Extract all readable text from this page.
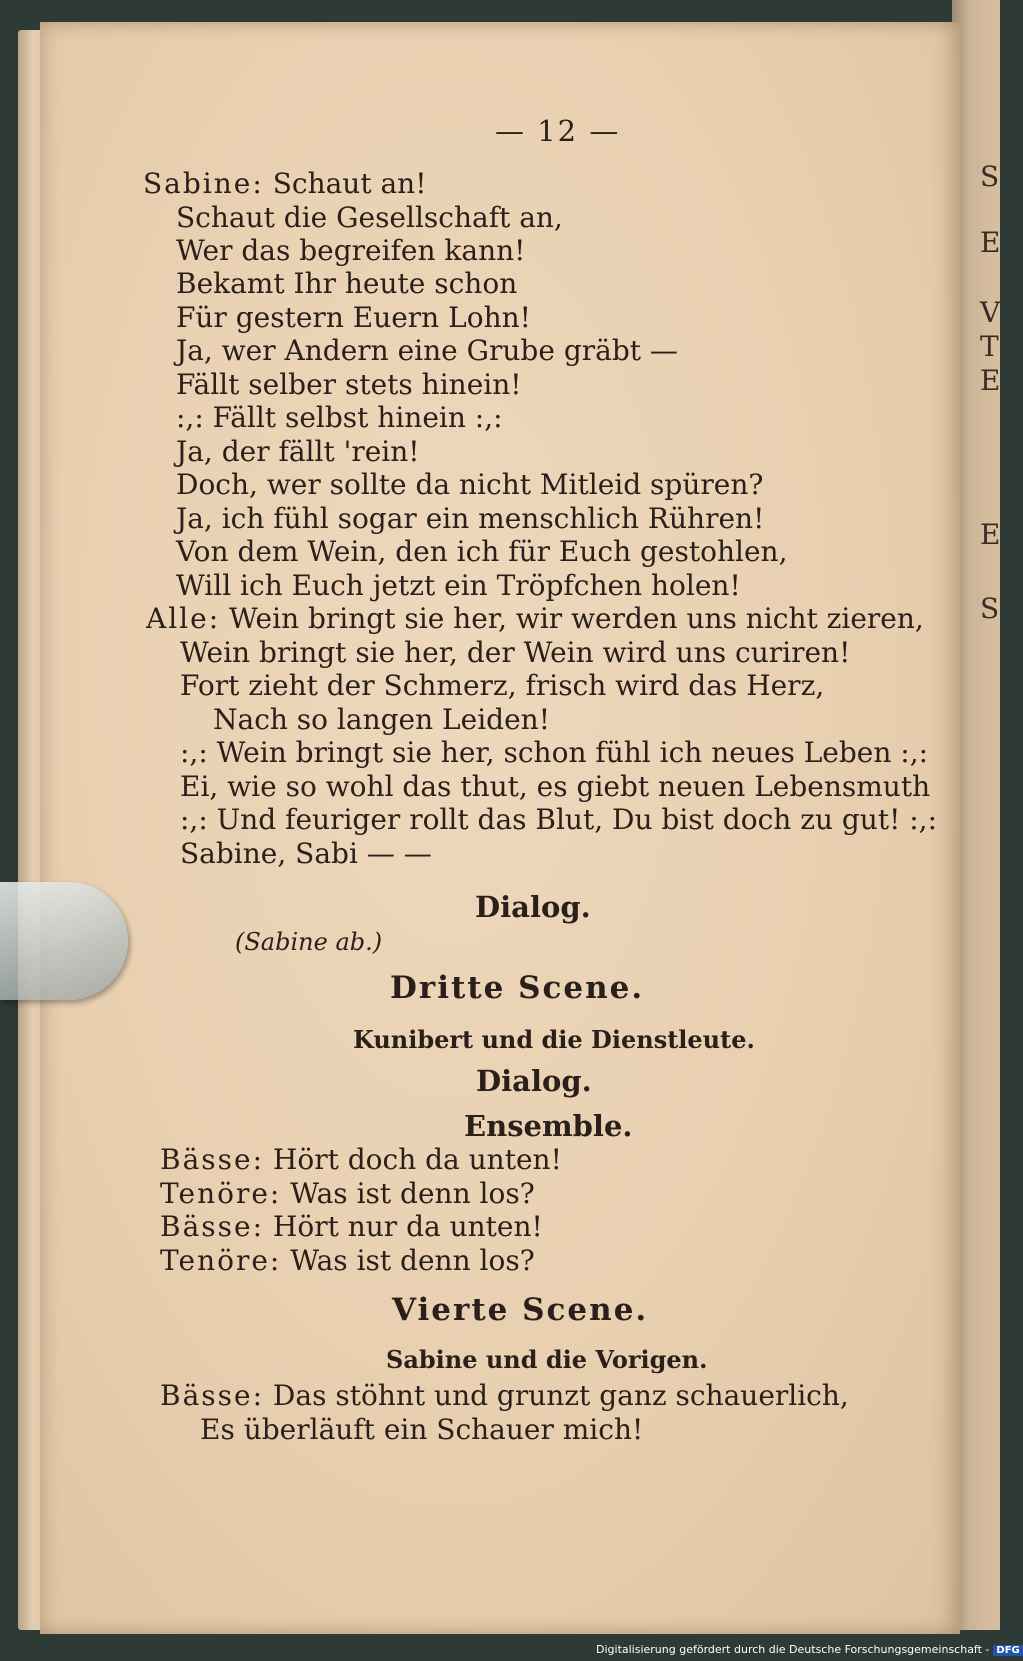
— 12 —
Sabine: Schaut an!
Schaut die Gesellschaft an,
Wer das begreifen kann!
Bekamt Ihr heute schon
Für gestern Euern Lohn!
Ja, wer Andern eine Grube gräbt —
Fällt selber stets hinein!
:,: Fällt selbst hinein :,:
Ja, der fällt 'rein!
Doch, wer sollte da nicht Mitleid spüren?
Ja, ich fühl sogar ein menschlich Rühren!
Von dem Wein, den ich für Euch gestohlen,
Will ich Euch jetzt ein Tröpfchen holen!
Alle: Wein bringt sie her, wir werden uns nicht zieren,
Wein bringt sie her, der Wein wird uns curiren!
Fort zieht der Schmerz, frisch wird das Herz,
Nach so langen Leiden!
:,: Wein bringt sie her, schon fühl ich neues Leben :,:
Ei, wie so wohl das thut, es giebt neuen Lebensmuth
:,: Und feuriger rollt das Blut, Du bist doch zu gut! :,:
Sabine, Sabi — —
Dialog.
(Sabine ab.)
Dritte Scene.
Kunibert und die Dienstleute.
Dialog.
Ensemble.
Bässe: Hört doch da unten!
Tenöre: Was ist denn los?
Bässe: Hört nur da unten!
Tenöre: Was ist denn los?
Vierte Scene.
Sabine und die Vorigen.
Bässe: Das stöhnt und grunzt ganz schauerlich,
Es überläuft ein Schauer mich!
S
E
V
T
E
E
S
Digitalisierung gefördert durch die Deutsche Forschungsgemeinschaft - DFG
